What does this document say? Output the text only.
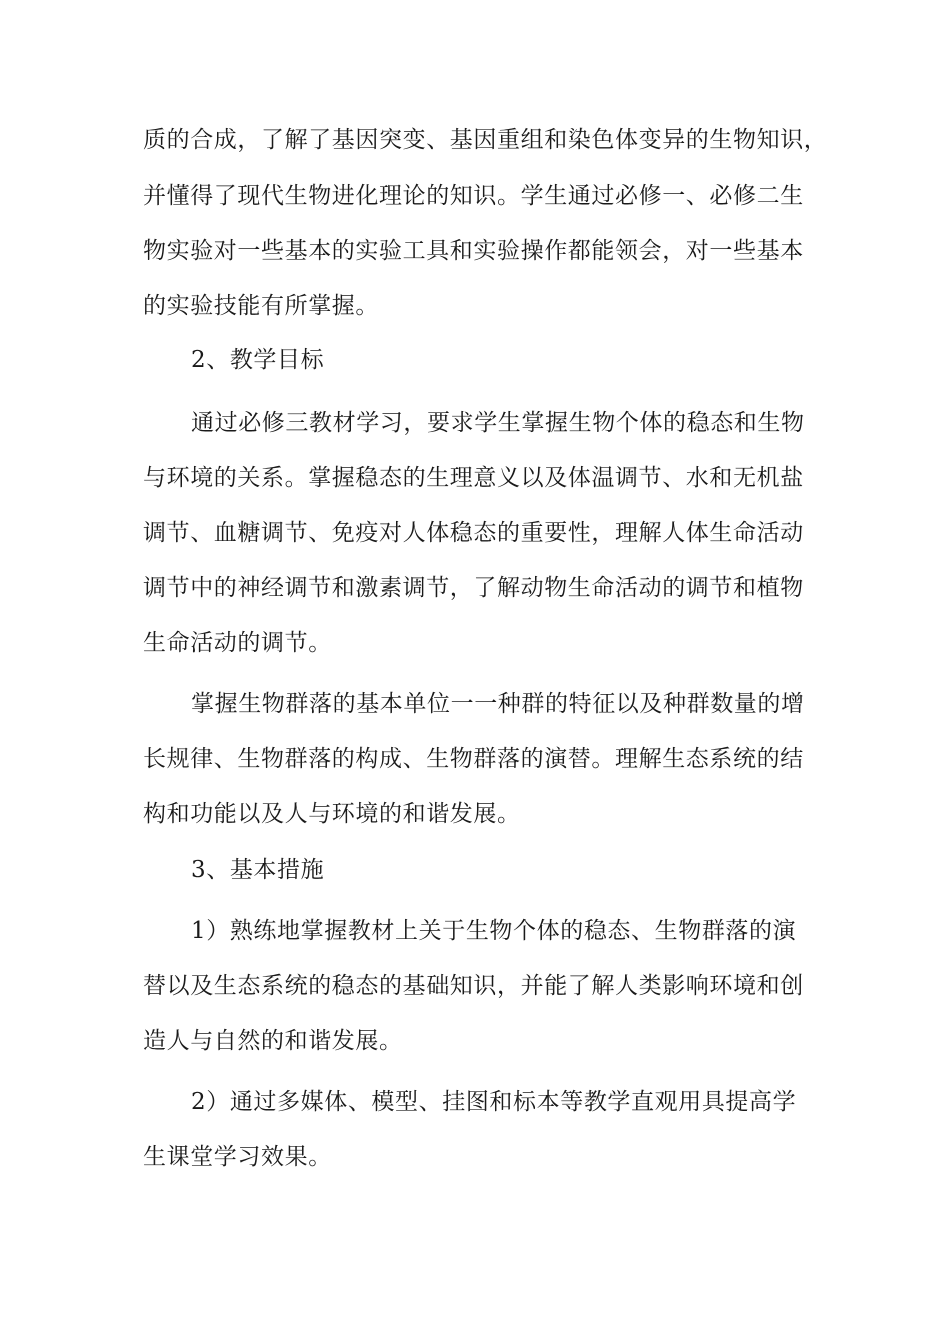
质的合成，了解了基因突变、基因重组和染色体变异的生物知识，
并懂得了现代生物进化理论的知识。学生通过必修一、必修二生
物实验对一些基本的实验工具和实验操作都能领会，对一些基本
的实验技能有所掌握。
2、教学目标
通过必修三教材学习，要求学生掌握生物个体的稳态和生物
与环境的关系。掌握稳态的生理意义以及体温调节、水和无机盐
调节、血糖调节、免疫对人体稳态的重要性，理解人体生命活动
调节中的神经调节和激素调节，了解动物生命活动的调节和植物
生命活动的调节。
掌握生物群落的基本单位一一种群的特征以及种群数量的增
长规律、生物群落的构成、生物群落的演替。理解生态系统的结
构和功能以及人与环境的和谐发展。
3、基本措施
1）熟练地掌握教材上关于生物个体的稳态、生物群落的演
替以及生态系统的稳态的基础知识，并能了解人类影响环境和创
造人与自然的和谐发展。
2）通过多媒体、模型、挂图和标本等教学直观用具提高学
生课堂学习效果。
